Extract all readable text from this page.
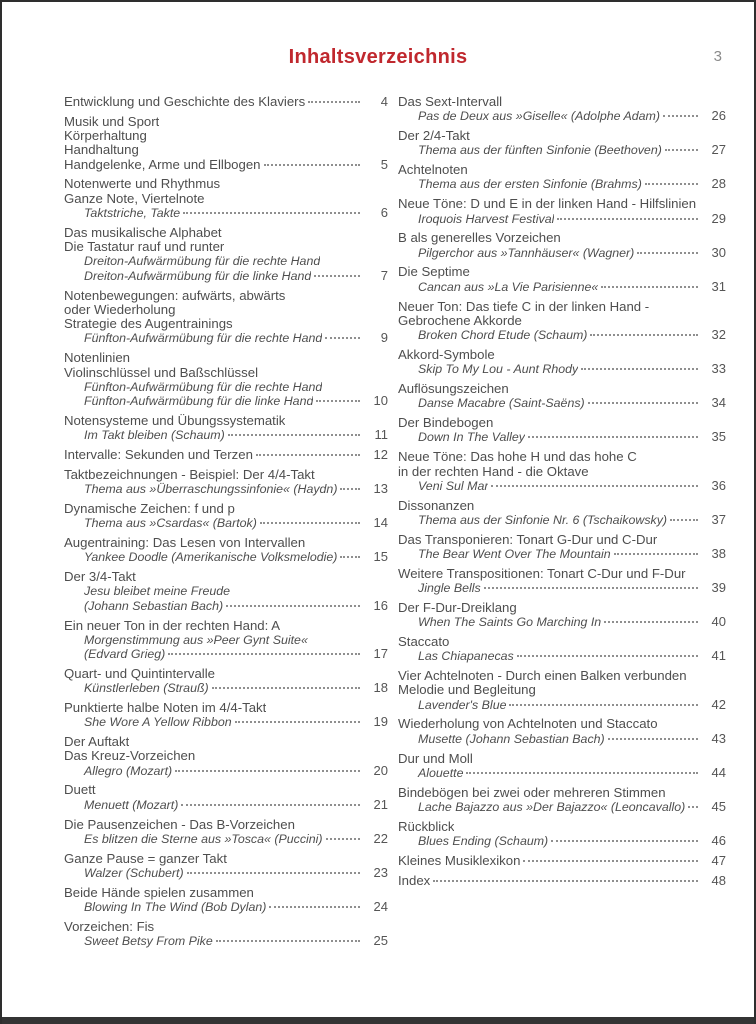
Inhaltsverzeichnis	3
Entwicklung und Geschichte des Klaviers	4
Musik und Sport
Körperhaltung
Handhaltung
Handgelenke, Arme und Ellbogen	5
Notenwerte und Rhythmus
Ganze Note, Viertelnote
Taktstriche, Takte	6
Das musikalische Alphabet
Die Tastatur rauf und runter
Dreiton-Aufwärmübung für die rechte Hand
Dreiton-Aufwärmübung für die linke Hand	7
Notenbewegungen: aufwärts, abwärts
oder Wiederholung
Strategie des Augentrainings
Fünfton-Aufwärmübung für die rechte Hand	9
Notenlinien
Violinschlüssel und Baßschlüssel
Fünfton-Aufwärmübung für die rechte Hand
Fünfton-Aufwärmübung für die linke Hand	10
Notensysteme und Übungssystematik
Im Takt bleiben (Schaum)	11
Intervalle: Sekunden und Terzen	12
Taktbezeichnungen - Beispiel: Der 4/4-Takt
Thema aus »Überraschungssinfonie« (Haydn)	13
Dynamische Zeichen: f und p
Thema aus »Csardas« (Bartok)	14
Augentraining: Das Lesen von Intervallen
Yankee Doodle (Amerikanische Volksmelodie)	15
Der 3/4-Takt
Jesu bleibet meine Freude
(Johann Sebastian Bach)	16
Ein neuer Ton in der rechten Hand: A
Morgenstimmung aus »Peer Gynt Suite«
(Edvard Grieg)	17
Quart- und Quintintervalle
Künstlerleben (Strauß)	18
Punktierte halbe Noten im 4/4-Takt
She Wore A Yellow Ribbon	19
Der Auftakt
Das Kreuz-Vorzeichen
Allegro (Mozart)	20
Duett
Menuett (Mozart)	21
Die Pausenzeichen - Das B-Vorzeichen
Es blitzen die Sterne aus »Tosca« (Puccini)	22
Ganze Pause = ganzer Takt
Walzer (Schubert)	23
Beide Hände spielen zusammen
Blowing In The Wind (Bob Dylan)	24
Vorzeichen: Fis
Sweet Betsy From Pike	25
Das Sext-Intervall
Pas de Deux aus »Giselle« (Adolphe Adam)	26
Der 2/4-Takt
Thema aus der fünften Sinfonie (Beethoven)	27
Achtelnoten
Thema aus der ersten Sinfonie (Brahms)	28
Neue Töne: D und E in der linken Hand - Hilfslinien
Iroquois Harvest Festival	29
B als generelles Vorzeichen
Pilgerchor aus »Tannhäuser« (Wagner)	30
Die Septime
Cancan aus »La Vie Parisienne«	31
Neuer Ton: Das tiefe C in der linken Hand -
Gebrochene Akkorde
Broken Chord Etude (Schaum)	32
Akkord-Symbole
Skip To My Lou - Aunt Rhody	33
Auflösungszeichen
Danse Macabre (Saint-Saëns)	34
Der Bindebogen
Down In The Valley	35
Neue Töne: Das hohe H und das hohe C
in der rechten Hand - die Oktave
Veni Sul Mar	36
Dissonanzen
Thema aus der Sinfonie Nr. 6 (Tschaikowsky)	37
Das Transponieren: Tonart G-Dur und C-Dur
The Bear Went Over The Mountain	38
Weitere Transpositionen: Tonart C-Dur und F-Dur
Jingle Bells	39
Der F-Dur-Dreiklang
When The Saints Go Marching In	40
Staccato
Las Chiapanecas	41
Vier Achtelnoten - Durch einen Balken verbunden
Melodie und Begleitung
Lavender's Blue	42
Wiederholung von Achtelnoten und Staccato
Musette (Johann Sebastian Bach)	43
Dur und Moll
Alouette	44
Bindebögen bei zwei oder mehreren Stimmen
Lache Bajazzo aus »Der Bajazzo« (Leoncavallo)	45
Rückblick
Blues Ending (Schaum)	46
Kleines Musiklexikon	47
Index	48
